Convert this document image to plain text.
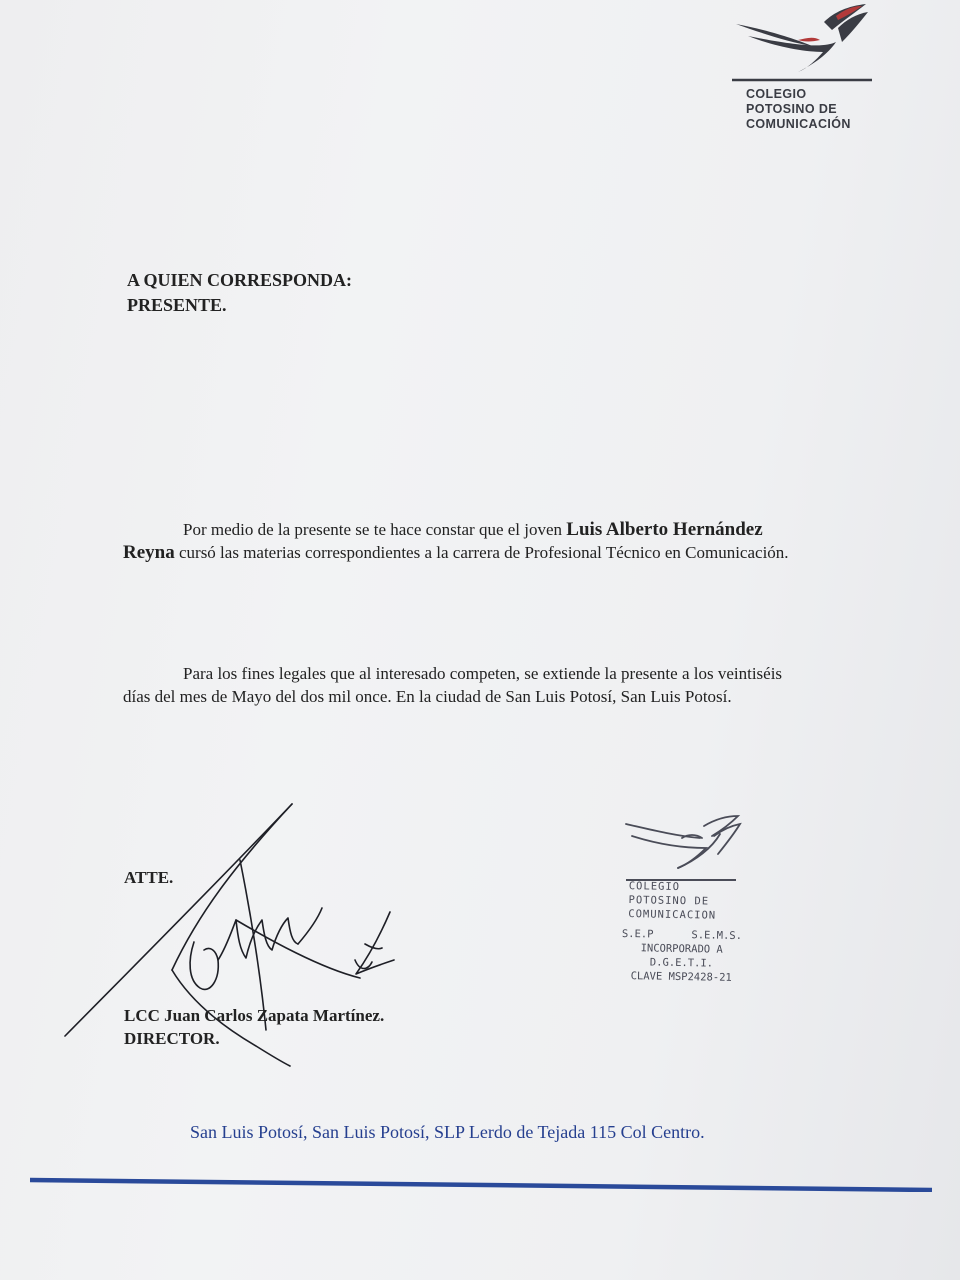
COLEGIO
POTOSINO DE
COMUNICACIÓN
A QUIEN CORRESPONDA:
PRESENTE.
Por medio de la presente se te hace constar que el joven Luis Alberto Hernández Reyna cursó las materias correspondientes a la carrera de Profesional Técnico en Comunicación.
Para los fines legales que al interesado competen, se extiende la presente a los veintiséis días del mes de Mayo del dos mil once. En la ciudad de San Luis Potosí, San Luis Potosí.
ATTE.
LCC Juan Carlos Zapata Martínez.
DIRECTOR.
COLEGIO
POTOSINO DE
COMUNICACION
S.E.P      S.E.M.S.
INCORPORADO A
D.G.E.T.I.
CLAVE MSP2428-21
San Luis Potosí, San Luis Potosí, SLP Lerdo de Tejada 115 Col Centro.
